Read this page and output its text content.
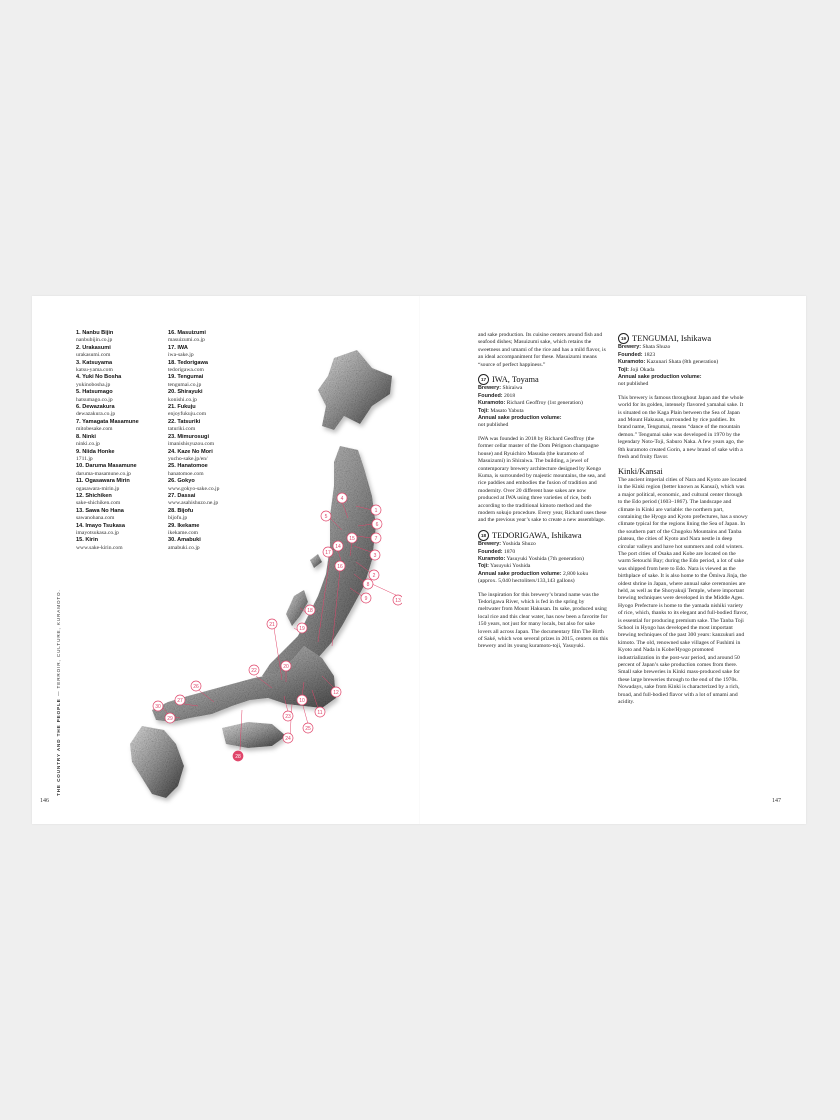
THE COUNTRY AND THE PEOPLE — TERROIR, CULTURE, KURAMOTO.
1. Nanbu Bijin
nanbubijin.co.jp
2. Urakasumi
urakasumi.com
3. Katsuyama
katsu-yama.com
4. Yuki No Bosha
yukinobosha.jp
5. Hatsumago
hatsumago.co.jp
6. Dewazakura
dewazakura.co.jp
7. Yamagata Masamune
mitobesake.com
8. Ninki
ninki.co.jp
9. Niida Honke
1711.jp
10. Daruma Masamune
daruma-masamune.co.jp
11. Ogasawara Mirin
ogasawara-mirin.jp
12. Shichiken
sake-shichiken.com
13. Sawa No Hana
sawanohana.com
14. Imayo Tsukasa
imayotsukasa.co.jp
15. Kirin
www.sake-kirin.com
16. Masuizumi
masuizumi.co.jp
17. IWA
iwa-sake.jp
18. Tedorigawa
tedorigawa.com
19. Tengumai
tengumai.co.jp
20. Shirayuki
konishi.co.jp
21. Fukuju
enjoyfukuju.com
22. Tatsuriki
taturiki.com
23. Mimurosugi
imanishisyuzou.com
24. Kaze No Mori
yucho-sake.jp/en/
25. Hanatomoe
hanatomoe.com
26. Gokyo
www.gokyo-sake.co.jp
27. Dassai
www.asahishuzo.ne.jp
28. Bijofu
bijofu.jp
29. Ikekame
ikekame.com
30. Amabuki
amabuki.co.jp
1
2
3
4
5
6
7
8
9
10
11
12
13
14
15
16
17
18
19
20
21
22
23
24
25
26
27
28
29
30
146	147

and sake production. Its cuisine centers around fish and seafood dishes; Masuizumi sake, which retains the sweetness and umami of the rice and has a mild flavor, is an ideal accompaniment for these. Masuizumi means “source of perfect happiness.”

17 IWA, Toyama
Brewery: Shiraiwa
Founded: 2018
Kuramoto: Richard Geoffroy (1st generation)
Toji: Masato Yabuta
Annual sake production volume:
not published

IWA was founded in 2018 by Richard Geoffroy (the former cellar master of the Dom Pérignon champagne house) and Ryuichiro Masuda (the kuramoto of Masuizumi) in Shiraiwa. The building, a jewel of contemporary brewery architecture designed by Kengo Kuma, is surrounded by majestic mountains, the sea, and rice paddies and embodies the fusion of tradition and modernity. Over 20 different base sakes are now produced at IWA using three varieties of rice, both according to the traditional kimoto method and the modern sokujo procedure. Every year, Richard uses these and the previous year’s sake to create a new assemblage.

18 TEDORIGAWA, Ishikawa
Brewery: Yoshida Shuzo
Founded: 1870
Kuramoto: Yasuyuki Yoshida (7th generation)
Toji: Yasuyuki Yoshida
Annual sake production volume: 2,800 koku (approx. 5,040 hectoliters/133,143 gallons)

The inspiration for this brewery’s brand name was the Tedorigawa River, which is fed in the spring by meltwater from Mount Hakusan. Its sake, produced using local rice and this clear water, has now been a favorite for 150 years, not just for many locals, but also for sake lovers all across Japan. The documentary film The Birth of Saké, which won several prizes in 2015, centers on this brewery and its young kuramoto-toji, Yasuyuki.

19 TENGUMAI, Ishikawa
Brewery: Shata Shuzo
Founded: 1823
Kuramoto: Kazunari Shata (8th generation)
Toji: Joji Okada
Annual sake production volume:
not published

This brewery is famous throughout Japan and the whole world for its golden, intensely flavored yamahai sake. It is situated on the Kaga Plain between the Sea of Japan and Mount Hakusan, surrounded by rice paddies. Its brand name, Tengumai, means “dance of the mountain demon.” Tengumai sake was developed in 1970 by the legendary Noto-Toji, Saburo Naka. A few years ago, the 8th kuramoto created Gorin, a new brand of sake with a fresh and fruity flavor.

Kinki/Kansai

The ancient imperial cities of Nara and Kyoto are located in the Kinki region (better known as Kansai), which was a major political, economic, and cultural center through to the Edo period (1603–1867). The landscape and climate in Kinki are variable: the northern part, containing the Hyogo and Kyoto prefectures, has a snowy climate typical for the regions lining the Sea of Japan. In the southern part of the Chugoku Mountains and Tanba plateau, the cities of Kyoto and Nara nestle in deep circular valleys and have hot summers and cold winters. The port cities of Osaka and Kobe are located on the warm Setouchi Bay; during the Edo period, a lot of sake was shipped from here to Edo. Nara is viewed as the birthplace of sake. It is also home to the Ōmiwa Jinja, the oldest shrine in Japan, where annual sake ceremonies are held, as well as the Shoryakuji Temple, where important brewing techniques were developed in the Middle Ages. Hyogo Prefecture is home to the yamada nishiki variety of rice, which, thanks to its elegant and full-bodied flavor, is essential for producing premium sake. The Tanba Toji School in Hyogo has developed the most important brewing techniques of the past 300 years: kanzukuri and kimoto. The old, renowned sake villages of Fushimi in Kyoto and Nada in Kobe/Hyogo promoted industrialization in the post-war period, and around 50 percent of Japan’s sake production comes from there. Small sake breweries in Kinki mass-produced sake for these large breweries through to the end of the 1970s. Nowadays, sake from Kinki is characterized by a rich, broad, and full-bodied flavor with a lot of umami and acidity.
